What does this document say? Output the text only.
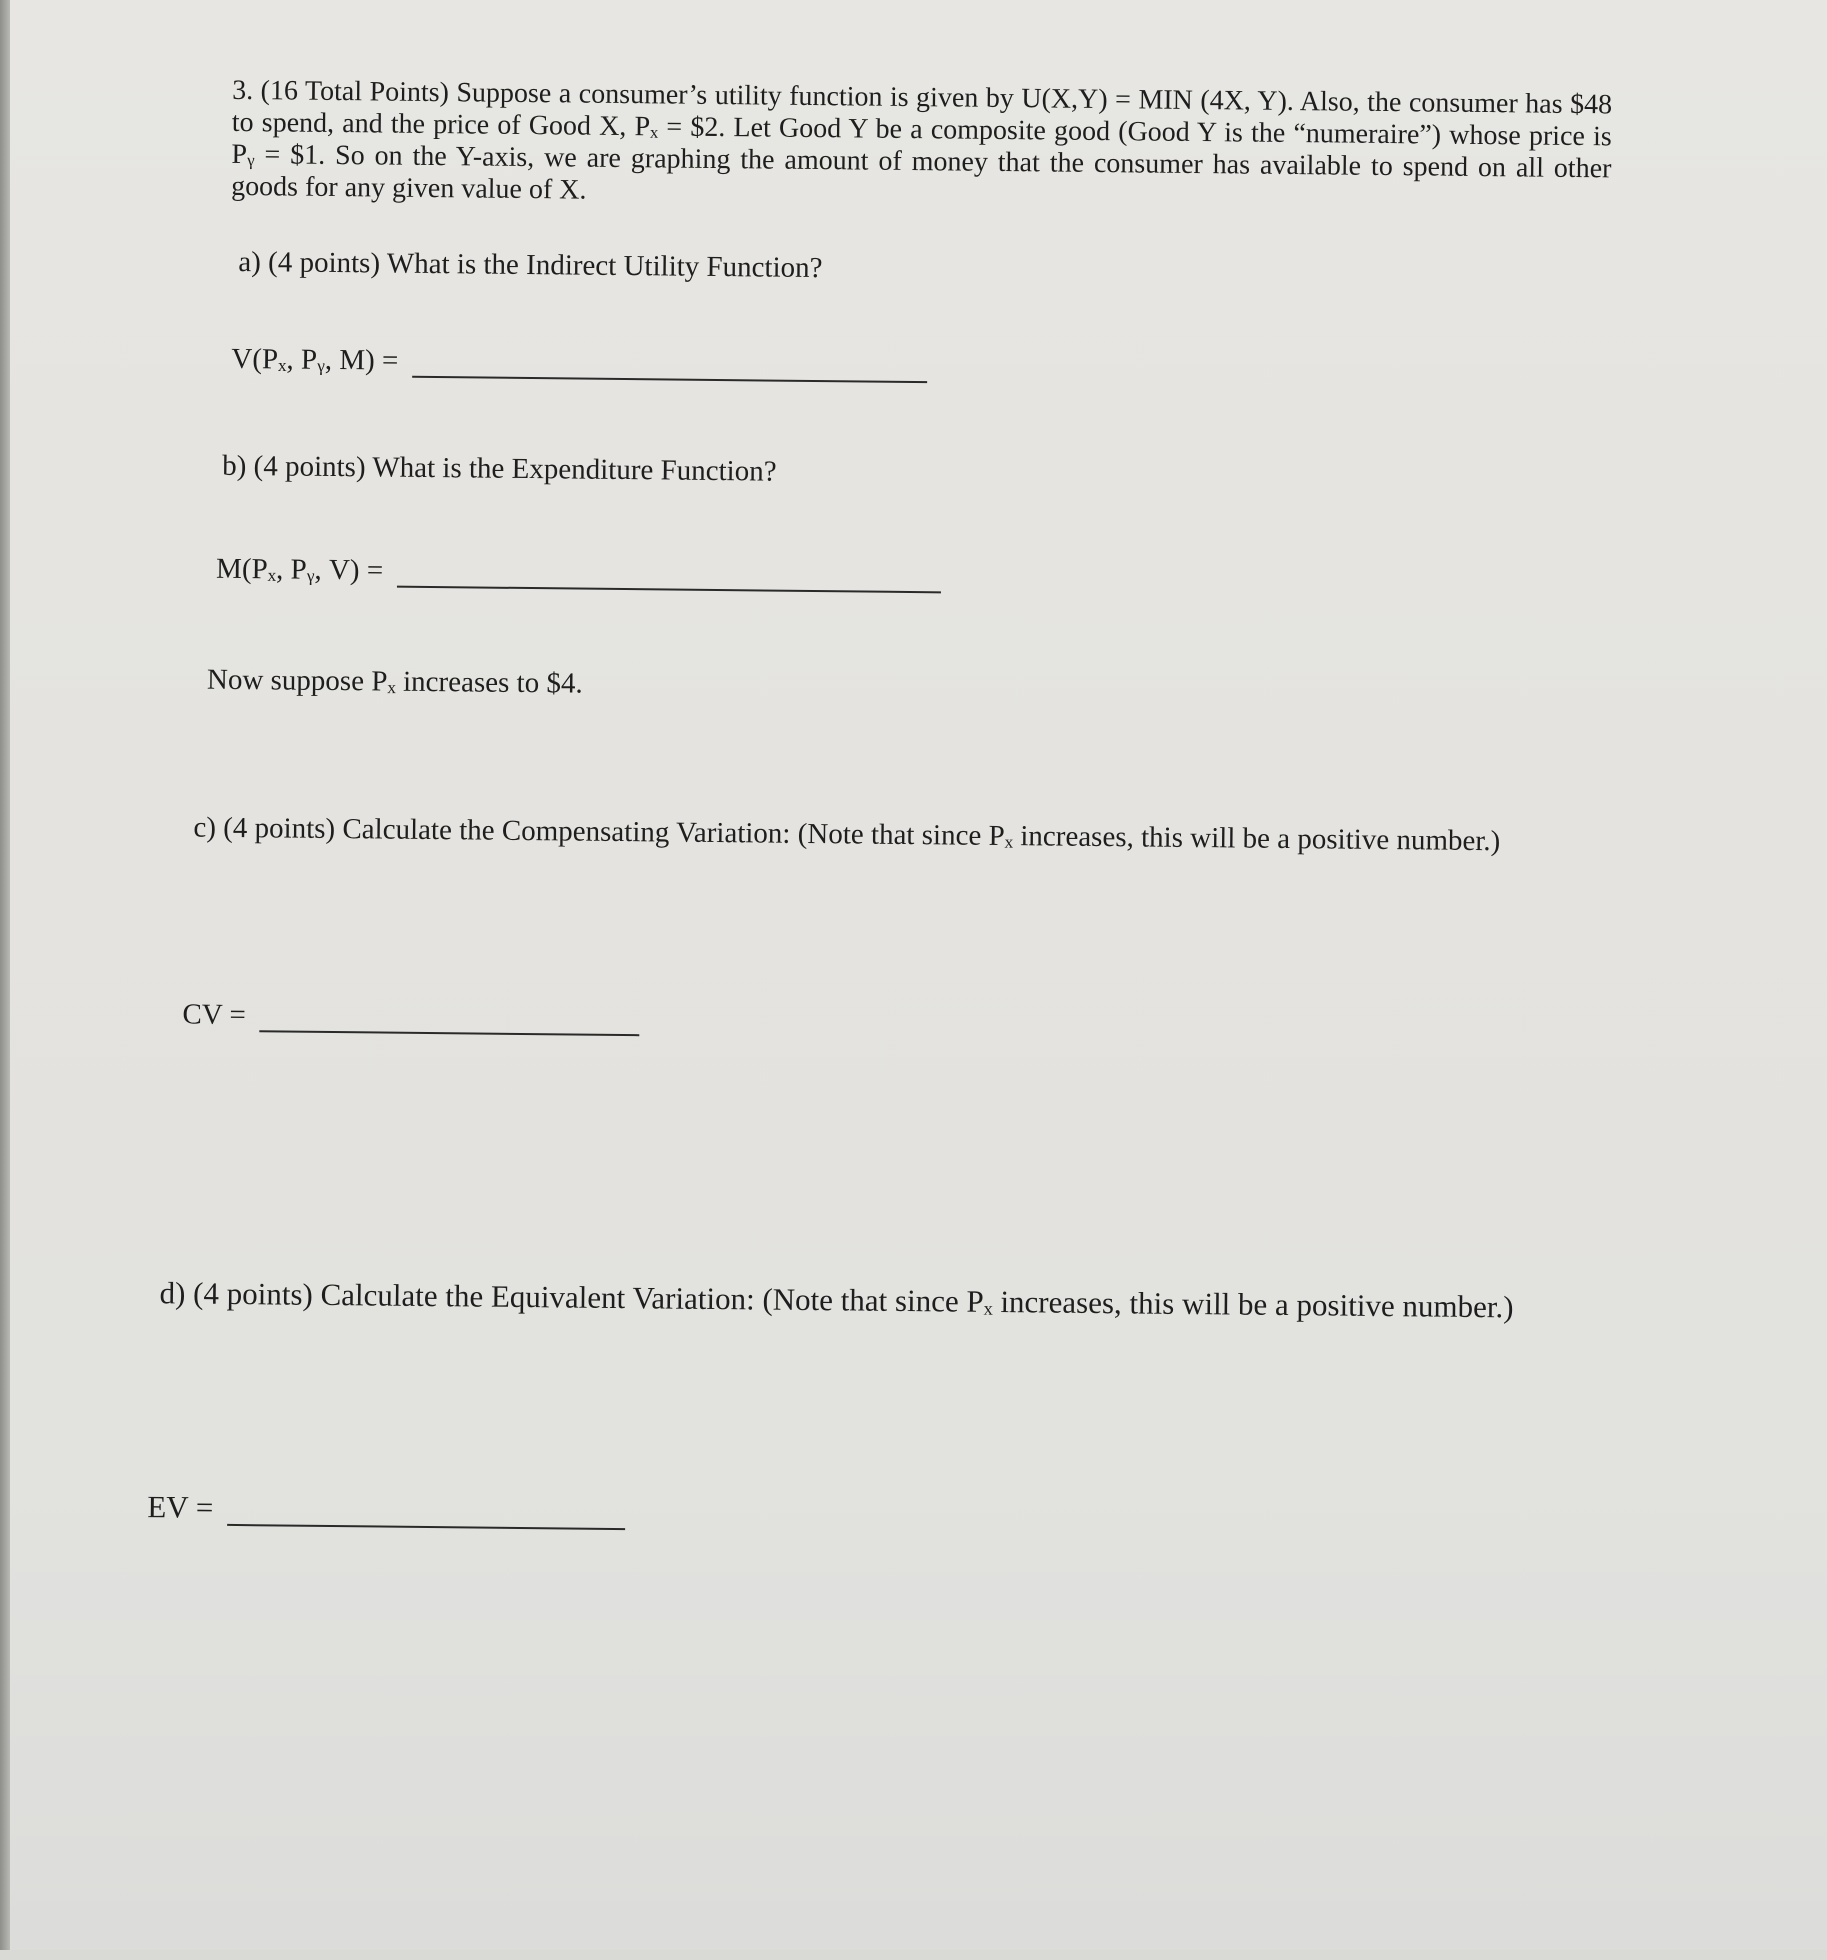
3. (16 Total Points) Suppose a consumer’s utility function is given by U(X,Y) = MIN (4X, Y). Also, the consumer has $48 to spend, and the price of Good X, Pₓ = $2. Let Good Y be a composite good (Good Y is the “numeraire”) whose price is Pᵧ = $1. So on the Y-axis, we are graphing the amount of money that the consumer has available to spend on all other goods for any given value of X.

a) (4 points) What is the Indirect Utility Function?
V(Pₓ, Pᵧ, M) =
b) (4 points) What is the Expenditure Function?
M(Pₓ, Pᵧ, V) =
Now suppose Pₓ increases to $4.
c) (4 points) Calculate the Compensating Variation: (Note that since Pₓ increases, this will be a positive number.)
CV =
d) (4 points) Calculate the Equivalent Variation: (Note that since Pₓ increases, this will be a positive number.)
EV =
